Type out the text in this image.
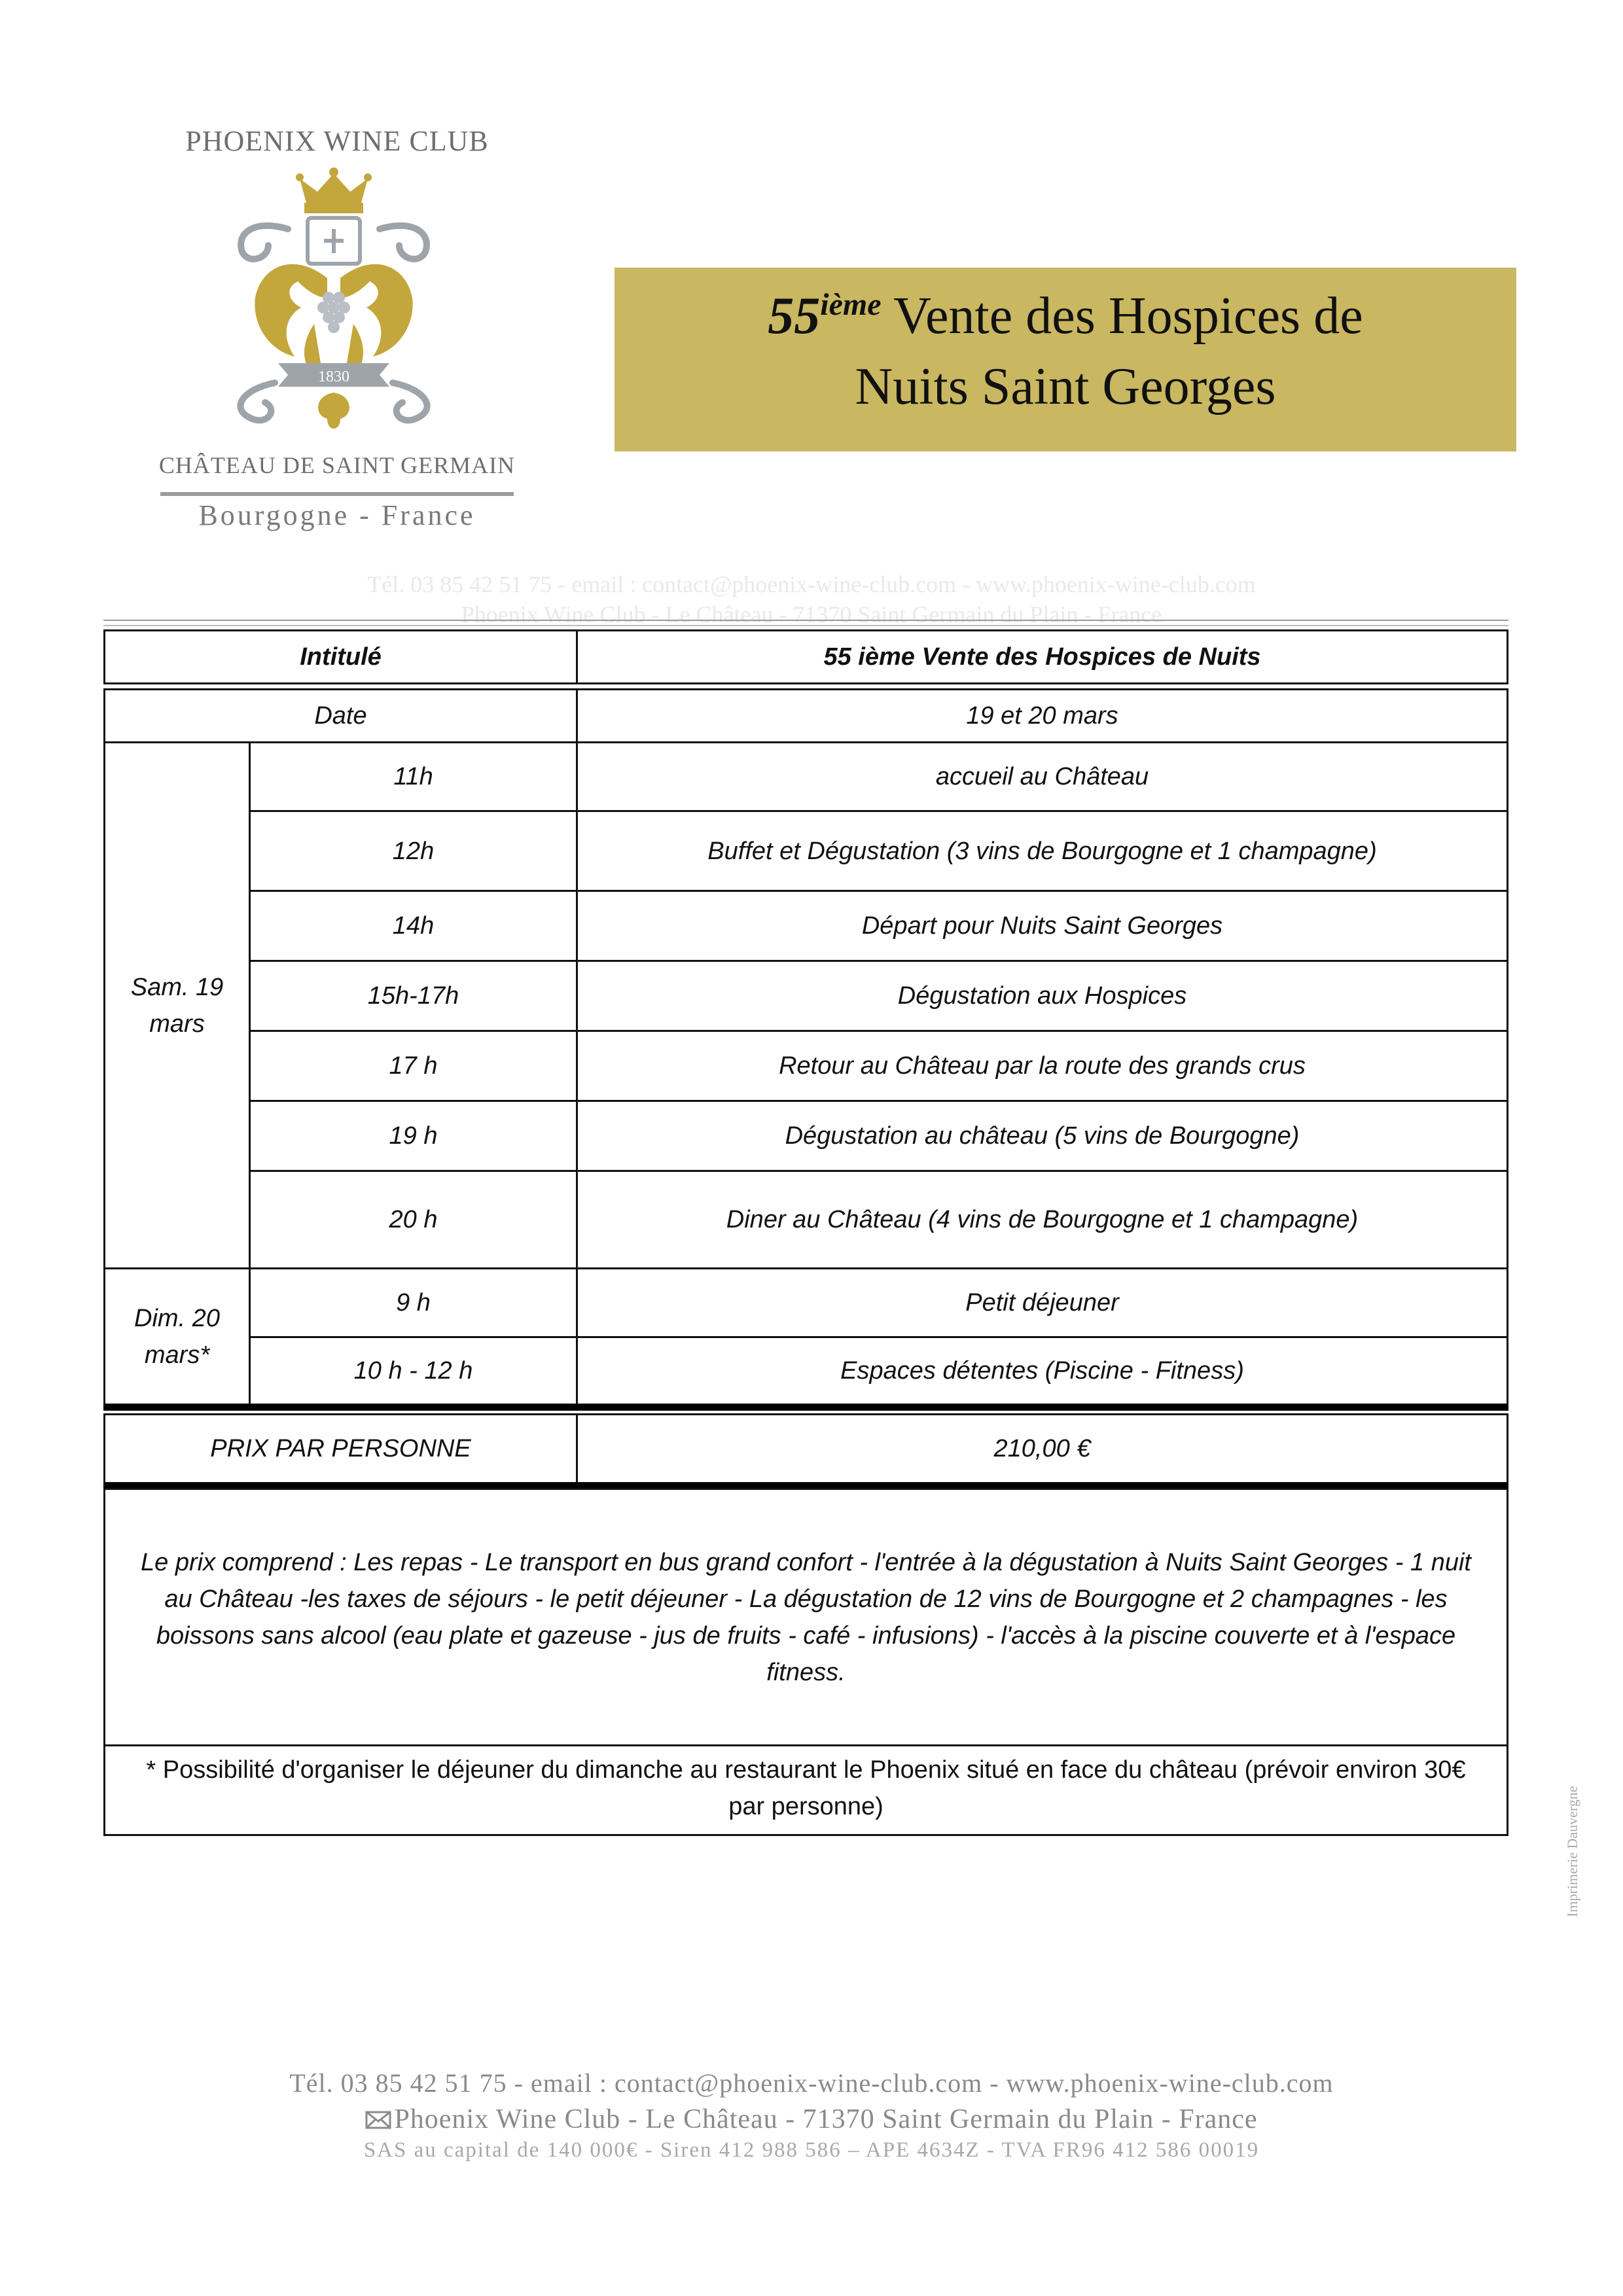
PHOENIX WINE CLUB
1830
CHÂTEAU DE SAINT GERMAIN
Bourgogne - France
55ième Vente des Hospices de
Nuits Saint Georges
Tél. 03 85 42 51 75 - email : contact@phoenix-wine-club.com - www.phoenix-wine-club.com
Phoenix Wine Club - Le Château - 71370 Saint Germain du Plain - France
Intitulé	55 ième Vente des Hospices de Nuits
Date	19 et 20 mars
Sam. 19 mars
11h	accueil au Château
12h	Buffet et Dégustation (3 vins de Bourgogne et 1 champagne)
14h	Départ pour Nuits Saint Georges
15h-17h	Dégustation aux Hospices
17 h	Retour au Château par la route des grands crus
19 h	Dégustation au château (5 vins de Bourgogne)
20 h	Diner au Château (4 vins de Bourgogne et 1 champagne)
Dim. 20 mars*
9 h	Petit déjeuner
10 h - 12 h	Espaces détentes (Piscine - Fitness)
PRIX PAR PERSONNE	210,00 €
Le prix comprend : Les repas - Le transport en bus grand confort - l'entrée à la dégustation à Nuits Saint Georges - 1 nuit au Château -les taxes de séjours - le petit déjeuner - La dégustation de 12 vins de Bourgogne et 2 champagnes - les boissons sans alcool (eau plate et gazeuse - jus de fruits - café - infusions) - l'accès à la piscine couverte et à l'espace fitness.
* Possibilité d'organiser le déjeuner du dimanche au restaurant le Phoenix situé en face du château (prévoir environ 30€ par personne)
Tél. 03 85 42 51 75 - email : contact@phoenix-wine-club.com - www.phoenix-wine-club.com
Phoenix Wine Club - Le Château - 71370 Saint Germain du Plain - France
SAS au capital de 140 000€ - Siren 412 988 586 – APE 4634Z - TVA FR96 412 586 00019
Imprimerie Dauvergne
